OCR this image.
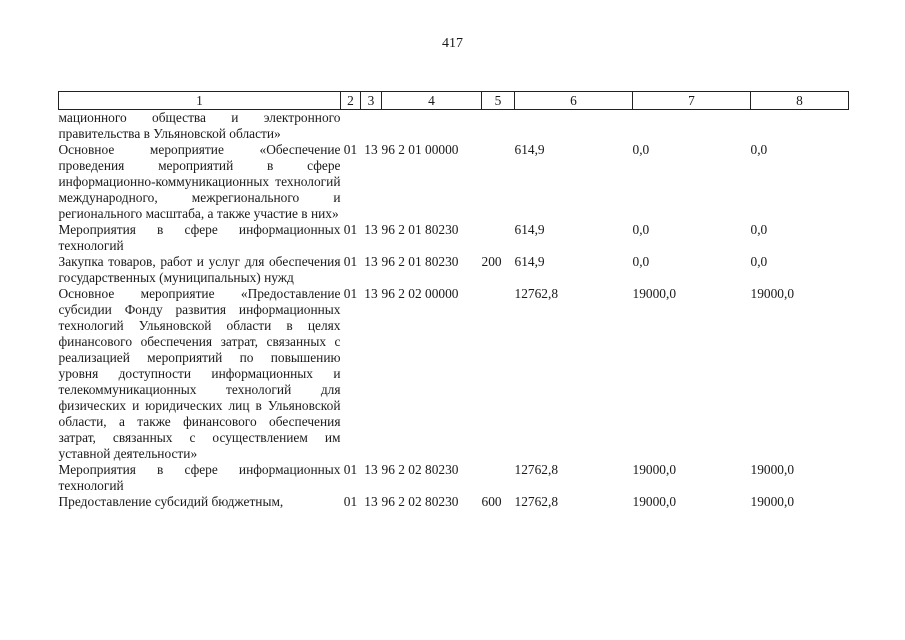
417
1	2	3	4	5	6	7	8
мационного общества и электронного правительства в Ульяновской области»							
Основное мероприятие «Обеспечение проведения мероприятий в сфере информационно-коммуникационных технологий международного, межрегионального и регионального масштаба, а также участие в них»	01	13	96 2 01 00000		614,9	0,0	0,0
Мероприятия в сфере информационных технологий	01	13	96 2 01 80230		614,9	0,0	0,0
Закупка товаров, работ и услуг для обеспечения государственных (муниципальных) нужд	01	13	96 2 01 80230	200	614,9	0,0	0,0
Основное мероприятие «Предоставление субсидии Фонду развития информационных технологий Ульяновской области в целях финансового обеспечения затрат, связанных с реализацией мероприятий по повышению уровня доступности информационных и телекоммуникационных технологий для физических и юридических лиц в Ульяновской области, а также финансового обеспечения затрат, связанных с осуществлением им уставной деятельности»	01	13	96 2 02 00000		12762,8	19000,0	19000,0
Мероприятия в сфере информационных технологий	01	13	96 2 02 80230		12762,8	19000,0	19000,0
Предоставление субсидий бюджетным,	01	13	96 2 02 80230	600	12762,8	19000,0	19000,0
